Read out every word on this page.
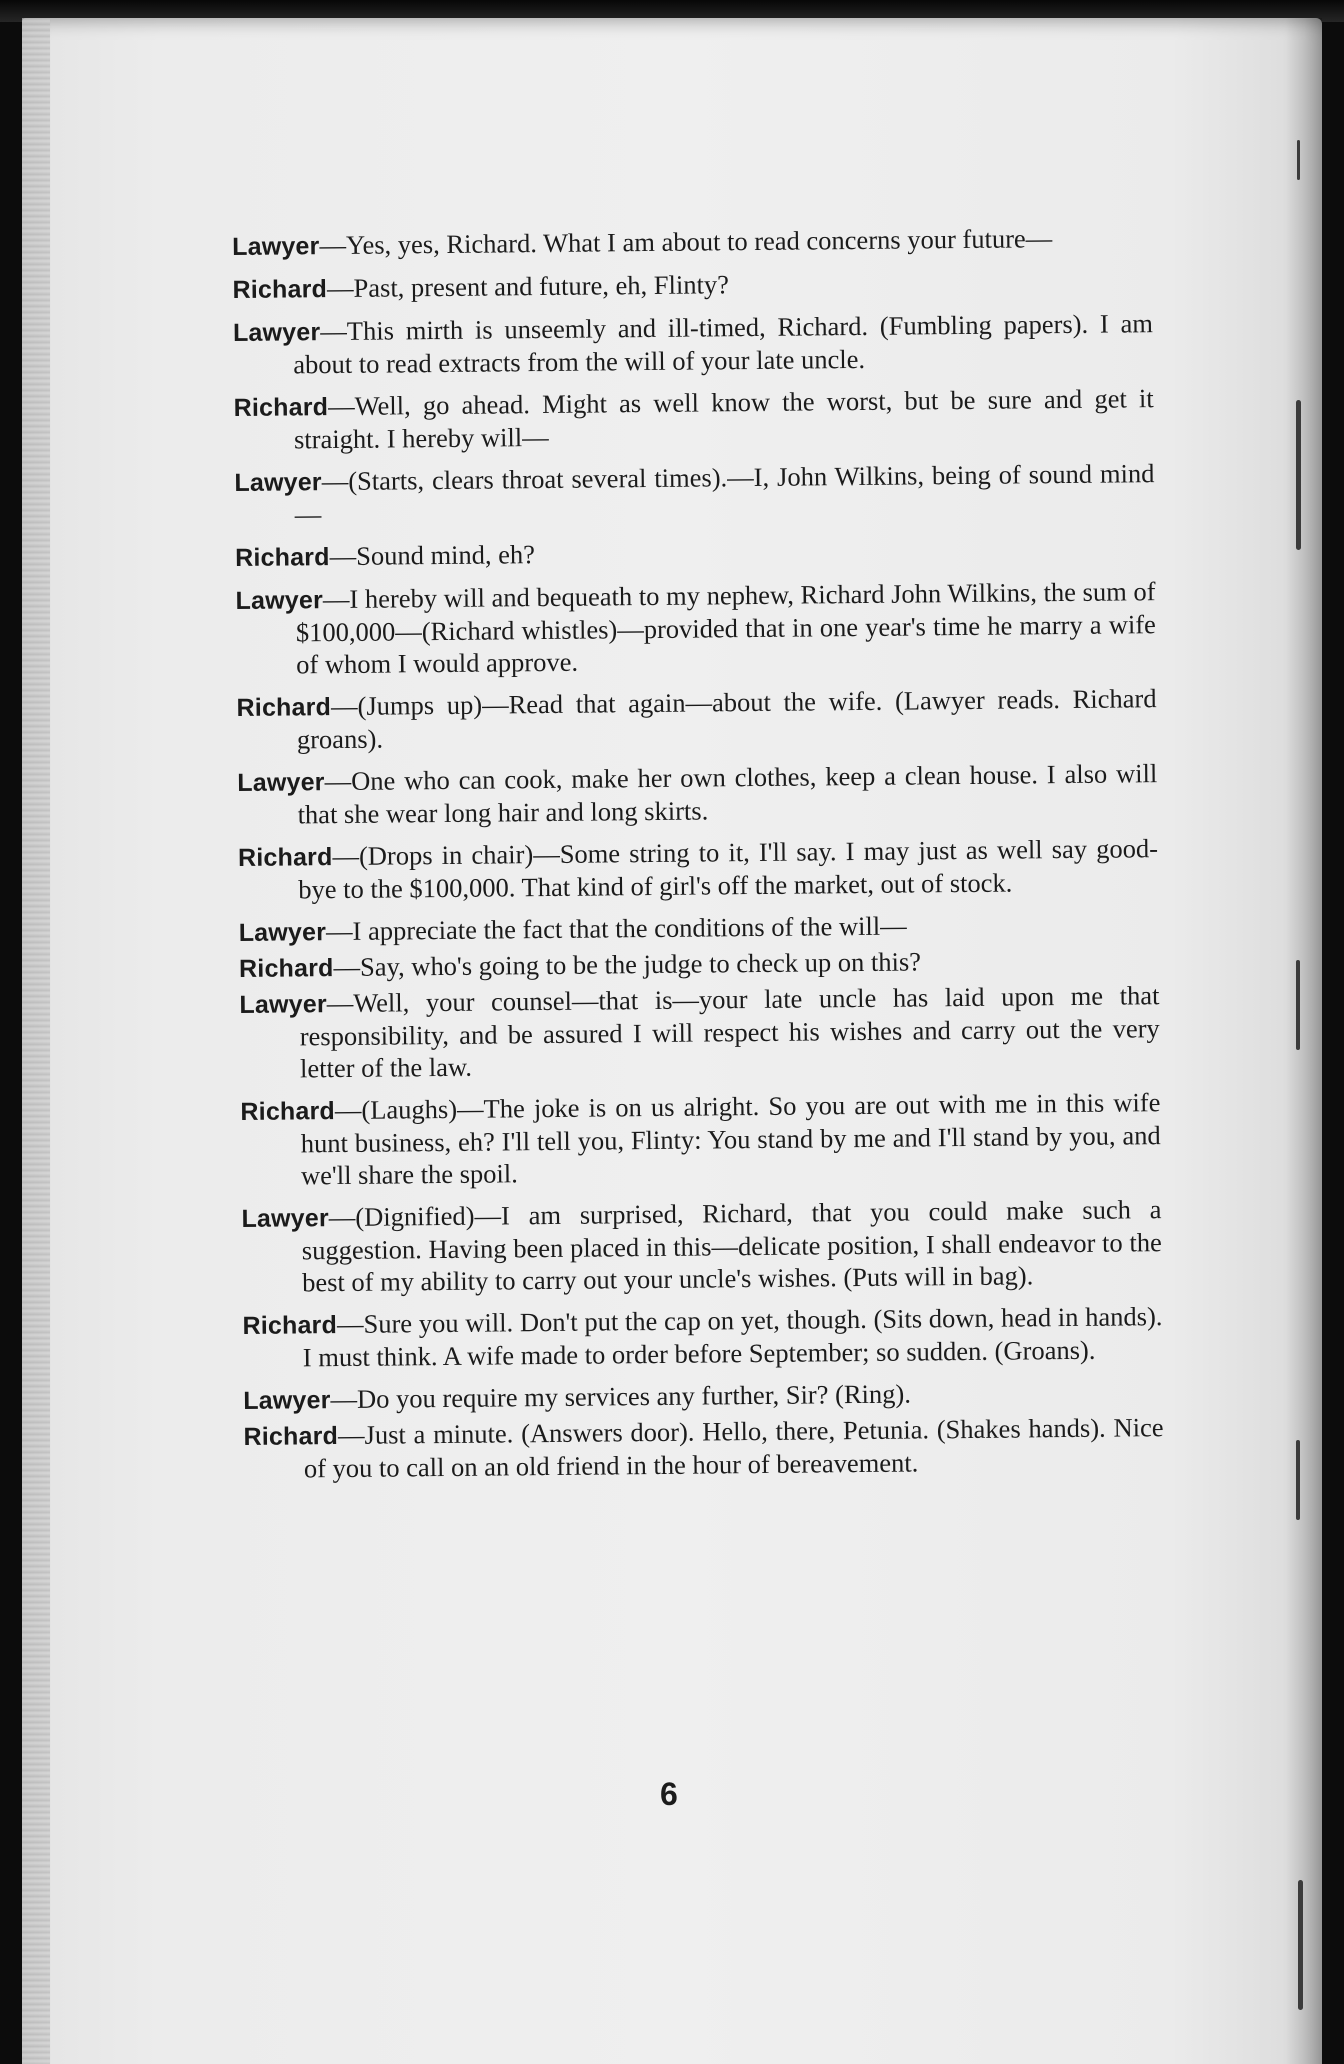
Lawyer—Yes, yes, Richard. What I am about to read concerns your future—

Richard—Past, present and future, eh, Flinty?

Lawyer—This mirth is unseemly and ill-timed, Richard. (Fumbling papers). I am about to read extracts from the will of your late uncle.

Richard—Well, go ahead. Might as well know the worst, but be sure and get it straight. I hereby will—

Lawyer—(Starts, clears throat several times).—I, John Wilkins, being of sound mind—

Richard—Sound mind, eh?

Lawyer—I hereby will and bequeath to my nephew, Richard John Wilkins, the sum of $100,000—(Richard whistles)—provided that in one year's time he marry a wife of whom I would approve.

Richard—(Jumps up)—Read that again—about the wife. (Lawyer reads. Richard groans).

Lawyer—One who can cook, make her own clothes, keep a clean house. I also will that she wear long hair and long skirts.

Richard—(Drops in chair)—Some string to it, I'll say. I may just as well say good-bye to the $100,000. That kind of girl's off the market, out of stock.

Lawyer—I appreciate the fact that the conditions of the will—

Richard—Say, who's going to be the judge to check up on this?

Lawyer—Well, your counsel—that is—your late uncle has laid upon me that responsibility, and be assured I will respect his wishes and carry out the very letter of the law.

Richard—(Laughs)—The joke is on us alright. So you are out with me in this wife hunt business, eh? I'll tell you, Flinty: You stand by me and I'll stand by you, and we'll share the spoil.

Lawyer—(Dignified)—I am surprised, Richard, that you could make such a suggestion. Having been placed in this—delicate position, I shall endeavor to the best of my ability to carry out your uncle's wishes. (Puts will in bag).

Richard—Sure you will. Don't put the cap on yet, though. (Sits down, head in hands). I must think. A wife made to order before September; so sudden. (Groans).

Lawyer—Do you require my services any further, Sir? (Ring).

Richard—Just a minute. (Answers door). Hello, there, Petunia. (Shakes hands). Nice of you to call on an old friend in the hour of bereavement.

6
